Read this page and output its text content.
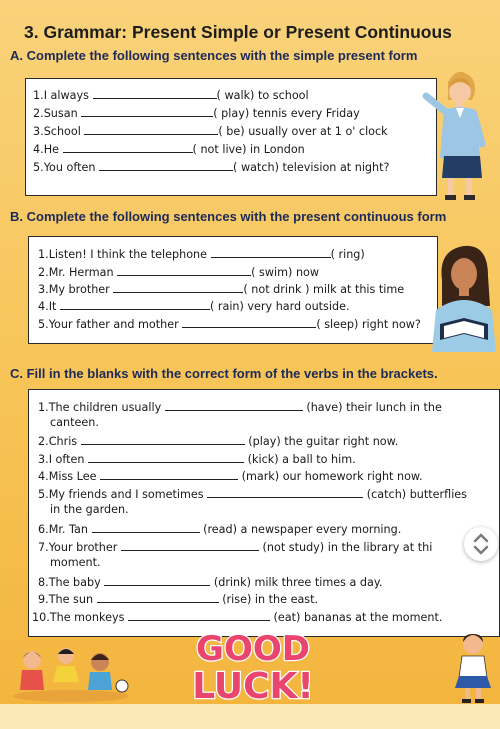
3. Grammar: Present Simple or Present Continuous
A. Complete the following sentences with the simple present form
1.I always	( walk) to school
2.Susan	( play) tennis every Friday
3.School	( be) usually over at 1 o' clock
4.He	( not live) in London
5.You often	( watch) television at night?
B. Complete the following sentences with the present continuous form
1.Listen! I think the telephone	( ring)
2.Mr. Herman	( swim) now
3.My brother	( not drink ) milk at this time
4.It	( rain) very hard outside.
5.Your father and mother	( sleep) right now?
C. Fill in the blanks with the correct form of the verbs in the brackets.
1.The children usually	(have) their lunch in the
canteen.
2.Chris	(play) the guitar right now.
3.I often	(kick) a ball to him.
4.Miss Lee	(mark) our homework right now.
5.My friends and I sometimes	(catch) butterflies
in the garden.
6.Mr. Tan	(read) a newspaper every morning.
7.Your brother	(not study) in the library at thi
moment.
8.The baby	(drink) milk three times a day.
9.The sun	(rise) in the east.
10.The monkeys	(eat) bananas at the moment.
GOOD
LUCK!
